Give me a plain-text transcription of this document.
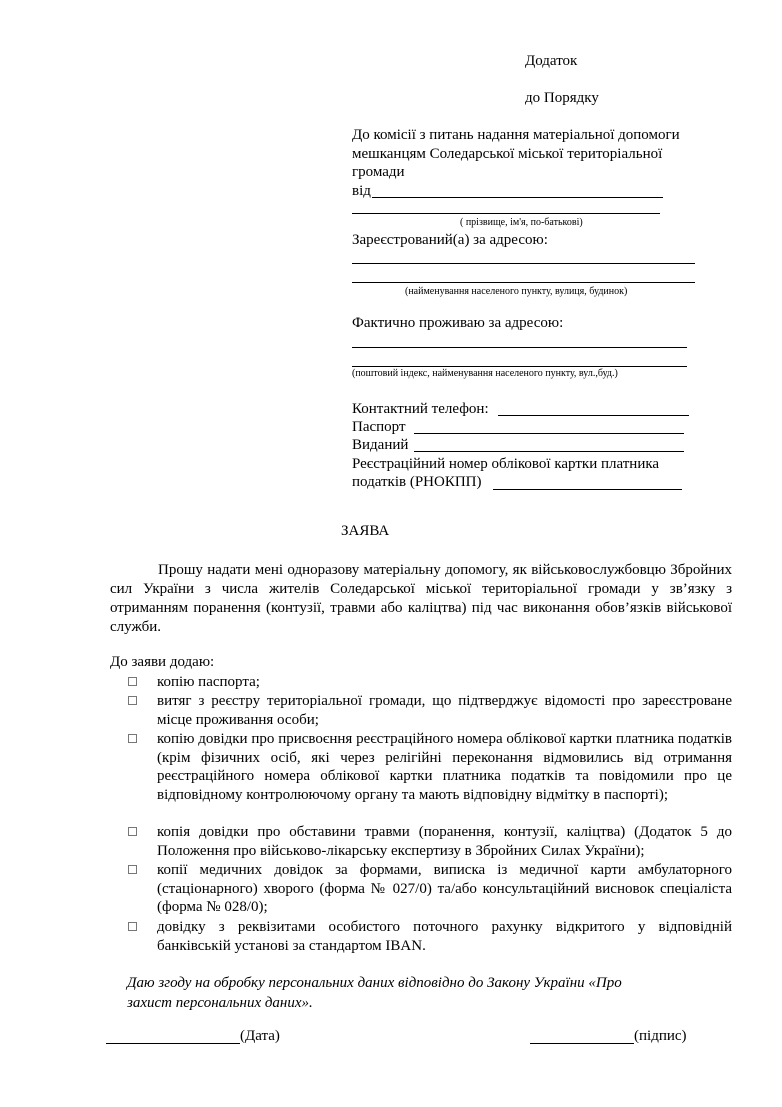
Додаток
до Порядку
До комісії з питань надання матеріальної допомоги
мешканцям Соледарської міської територіальної
громади
від
( прізвище, ім'я, по-батькові)
Зареєстрований(а) за адресою:
(найменування населеного пункту, вулиця, будинок)
Фактично проживаю за адресою:
(поштовий індекс, найменування населеного пункту, вул.,буд.)
Контактний телефон:
Паспорт
Виданий
Реєстраційний номер облікової картки платника
податків (РНОКПП)
ЗАЯВА
Прошу надати мені одноразову матеріальну допомогу, як військовослужбовцю Збройних сил України з числа жителів Соледарської міської територіальної громади у зв’язку з отриманням поранення (контузії, травми або каліцтва) під час виконання обов’язків військової служби.
До заяви додаю:
копію паспорта;
витяг з реєстру територіальної громади, що підтверджує відомості про зареєстроване місце проживання особи;
копію довідки про присвоєння реєстраційного номера облікової картки платника податків (крім фізичних осіб, які через релігійні переконання відмовились від отримання реєстраційного номера облікової картки платника податків та повідомили про це відповідному контролюючому органу та мають відповідну відмітку в паспорті);
копія довідки про обставини травми (поранення, контузії, каліцтва) (Додаток 5 до Положення про військово-лікарську експертизу в Збройних Силах України);
копії медичних довідок за формами, виписка із медичної карти амбулаторного (стаціонарного) хворого (форма № 027/0) та/або консультаційний висновок спеціаліста (форма № 028/0);
довідку з реквізитами особистого поточного рахунку відкритого у відповідній банківській установі за стандартом IBAN.
Даю згоду на обробку персональних даних відповідно до Закону України «Про захист персональних даних».
(Дата)	(підпис)
